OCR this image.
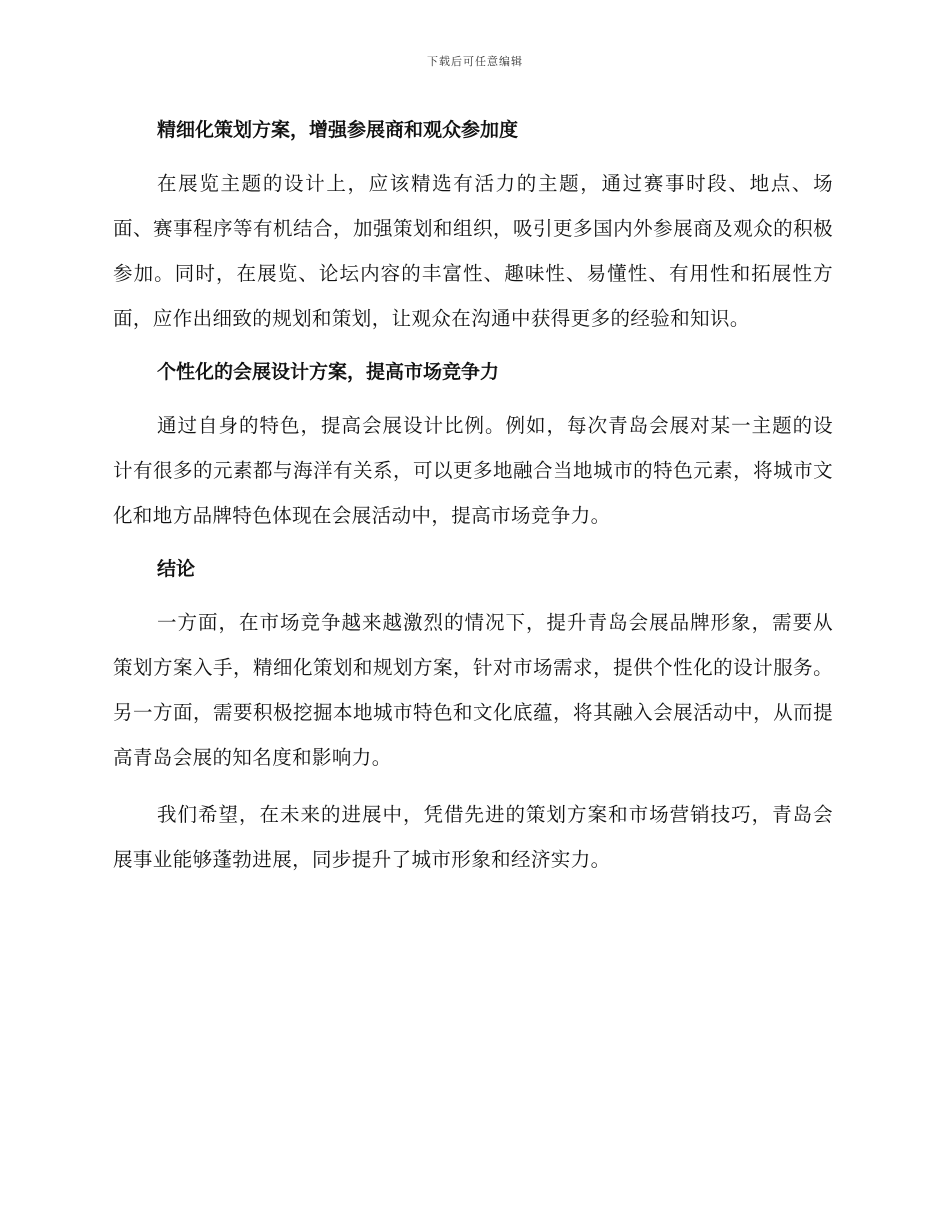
下载后可任意编辑
精细化策划方案，增强参展商和观众参加度

在展览主题的设计上，应该精选有活力的主题，通过赛事时段、地点、场面、赛事程序等有机结合，加强策划和组织，吸引更多国内外参展商及观众的积极参加。同时，在展览、论坛内容的丰富性、趣味性、易懂性、有用性和拓展性方面，应作出细致的规划和策划，让观众在沟通中获得更多的经验和知识。

个性化的会展设计方案，提高市场竞争力

通过自身的特色，提高会展设计比例。例如，每次青岛会展对某一主题的设计有很多的元素都与海洋有关系，可以更多地融合当地城市的特色元素，将城市文化和地方品牌特色体现在会展活动中，提高市场竞争力。

结论

一方面，在市场竞争越来越激烈的情况下，提升青岛会展品牌形象，需要从策划方案入手，精细化策划和规划方案，针对市场需求，提供个性化的设计服务。另一方面，需要积极挖掘本地城市特色和文化底蕴，将其融入会展活动中，从而提高青岛会展的知名度和影响力。

我们希望，在未来的进展中，凭借先进的策划方案和市场营销技巧，青岛会展事业能够蓬勃进展，同步提升了城市形象和经济实力。
